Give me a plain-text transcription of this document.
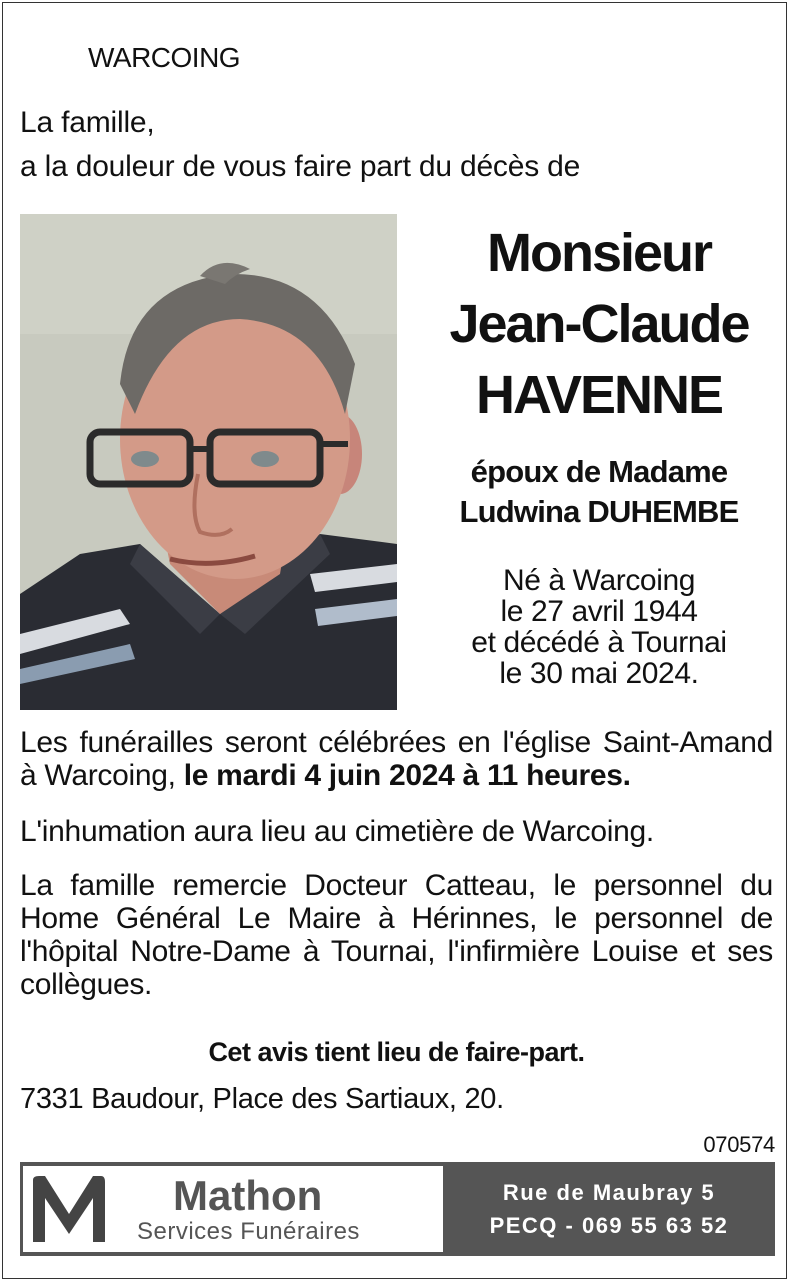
WARCOING
La famille,
a la douleur de vous faire part du décès de
Monsieur
Jean-Claude
HAVENNE
époux de Madame
Ludwina DUHEMBE
Né à Warcoing
le 27 avril 1944
et décédé à Tournai
le 30 mai 2024.
Les funérailles seront célébrées en l'église Saint-Amand à Warcoing, le mardi 4 juin 2024 à 11 heures.
L'inhumation aura lieu au cimetière de Warcoing.
La famille remercie Docteur Catteau, le personnel du Home Général Le Maire à Hérinnes, le personnel de l'hôpital Notre-Dame à Tournai, l'infirmière Louise et ses collègues.
Cet avis tient lieu de faire-part.
7331 Baudour, Place des Sartiaux, 20.
070574
Mathon
Services Funéraires
Rue de Maubray 5
PECQ - 069 55 63 52
